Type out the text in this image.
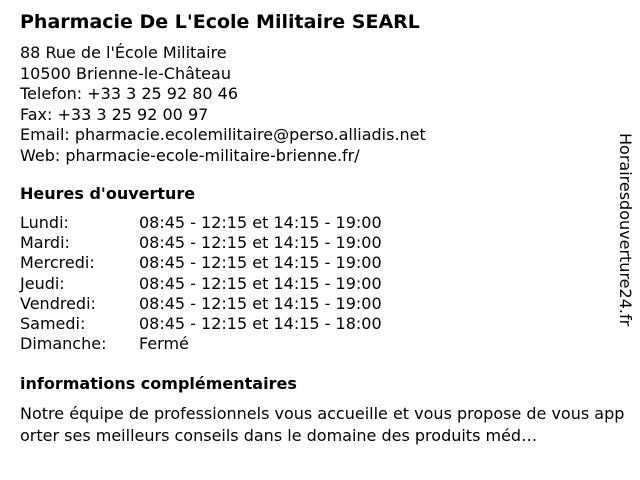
Pharmacie De L'Ecole Militaire SEARL
88 Rue de l'École Militaire
10500 Brienne-le-Château
Telefon: +33 3 25 92 80 46
Fax: +33 3 25 92 00 97
Email: pharmacie.ecolemilitaire@perso.alliadis.net
Web: pharmacie-ecole-militaire-brienne.fr/
Heures d'ouverture
Lundi:	08:45 - 12:15 et 14:15 - 19:00
Mardi:	08:45 - 12:15 et 14:15 - 19:00
Mercredi:	08:45 - 12:15 et 14:15 - 19:00
Jeudi:	08:45 - 12:15 et 14:15 - 19:00
Vendredi:	08:45 - 12:15 et 14:15 - 19:00
Samedi:	08:45 - 12:15 et 14:15 - 18:00
Dimanche: Fermé
informations complémentaires
Notre équipe de professionnels vous accueille et vous propose de vous apporter ses meilleurs conseils dans le domaine des produits méd…
Horairesdouverture24.fr
